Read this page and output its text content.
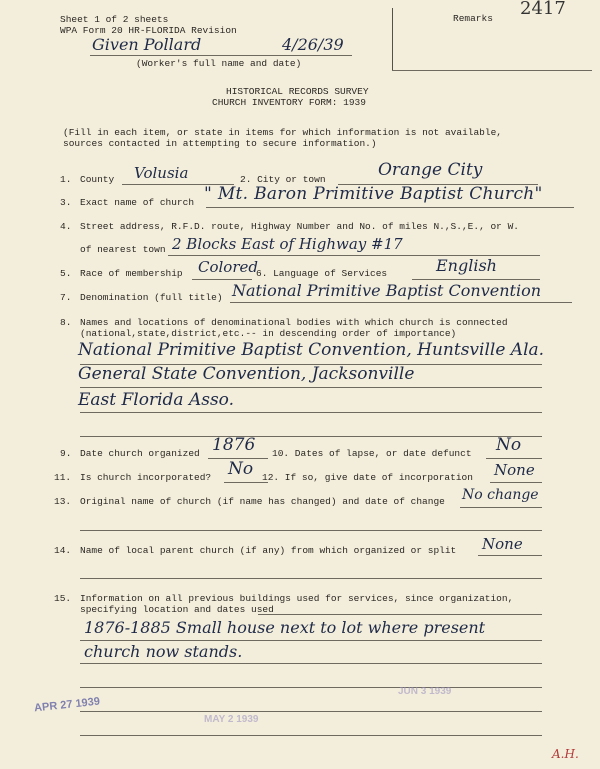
Sheet 1 of 2 sheets
WPA Form 20 HR-FLORIDA Revision
Given Pollard	4/26/39
(Worker's full name and date)
Remarks 2417
HISTORICAL RECORDS SURVEY
CHURCH INVENTORY FORM: 1939
(Fill in each item, or state in items for which information is not available,
sources contacted in attempting to secure information.)
1. County Volusia	2. City or town	Orange City
3. Exact name of church " Mt. Baron Primitive Baptist Church"
4. Street address, R.F.D. route, Highway Number and No. of miles N.,S.,E., or W.
of nearest town 2 Blocks East of Highway #17
5. Race of membership Colored
6. Language of Services	English
7. Denomination (full title) National Primitive Baptist Convention
8. Names and locations of denominational bodies with which church is connected
(national,state,district,etc.-- in descending order of importance)
National Primitive Baptist Convention, Huntsville Ala.
General State Convention, Jacksonville
East Florida Asso.
9. Date church organized 1876 10. Dates of lapse, or date defunct No
11. Is church incorporated? No 12. If so, give date of incorporation None
13. Original name of church (if name has changed) and date of change No change
14. Name of local parent church (if any) from which organized or split None
15. Information on all previous buildings used for services, since organization,
specifying location and dates used
1876-1885 Small house next to lot where present
church now stands.
APR 27 1939
MAY 2 1939
JUN 3 1939
A.H.
